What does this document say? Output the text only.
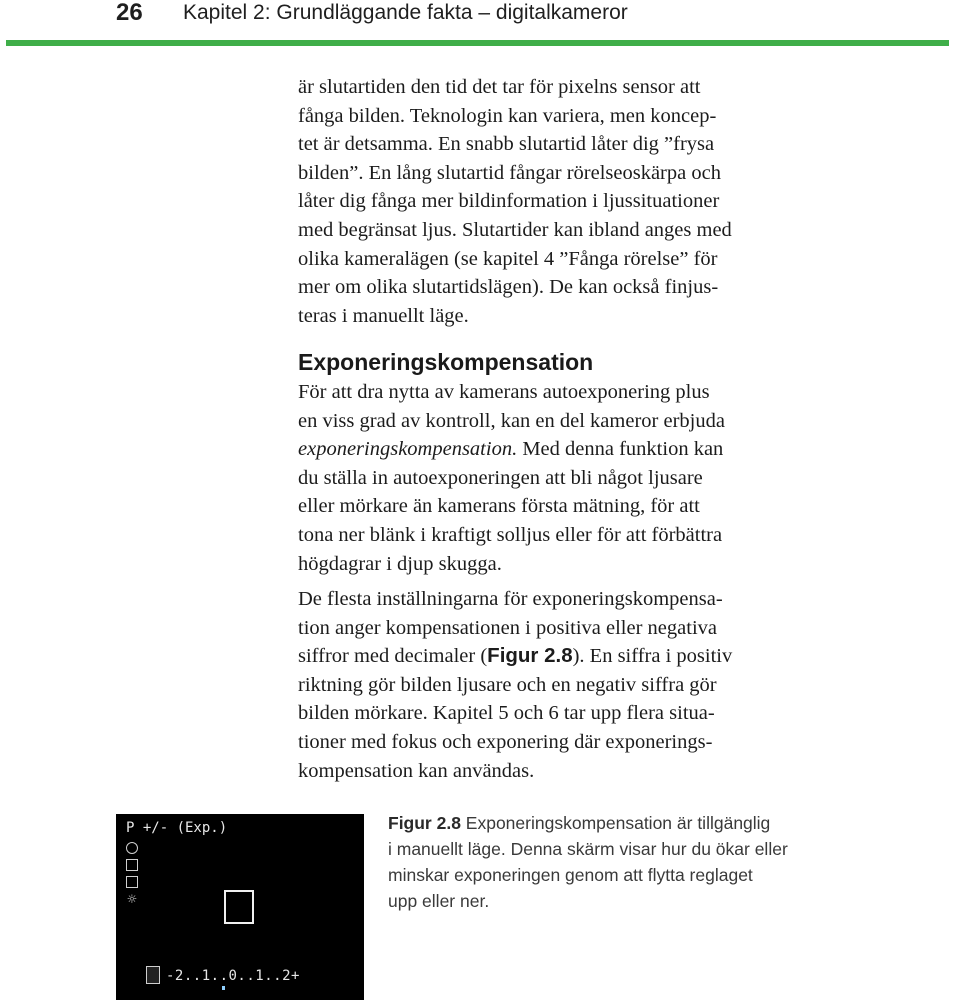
26 Kapitel 2: Grundläggande fakta – digitalkameror
är slutartiden den tid det tar för pixelns sensor att
fånga bilden. Teknologin kan variera, men koncep-
tet är detsamma. En snabb slutartid låter dig ”frysa
bilden”. En lång slutartid fångar rörelseoskärpa och
låter dig fånga mer bildinformation i ljussituationer
med begränsat ljus. Slutartider kan ibland anges med
olika kameralägen (se kapitel 4 ”Fånga rörelse” för
mer om olika slutartidslägen). De kan också finjus-
teras i manuellt läge.
Exponeringskompensation
För att dra nytta av kamerans autoexponering plus
en viss grad av kontroll, kan en del kameror erbjuda
exponeringskompensation. Med denna funktion kan
du ställa in autoexponeringen att bli något ljusare
eller mörkare än kamerans första mätning, för att
tona ner blänk i kraftigt solljus eller för att förbättra
högdagrar i djup skugga.
De flesta inställningarna för exponeringskompensa-
tion anger kompensationen i positiva eller negativa
siffror med decimaler (Figur 2.8). En siffra i positiv
riktning gör bilden ljusare och en negativ siffra gör
bilden mörkare. Kapitel 5 och 6 tar upp flera situa-
tioner med fokus och exponering där exponerings-
kompensation kan användas.
P +/- (Exp.)
☼
-2..1..0..1..2+
Figur 2.8 Exponeringskompensation är tillgänglig
i manuellt läge. Denna skärm visar hur du ökar eller
minskar exponeringen genom att flytta reglaget
upp eller ner.
